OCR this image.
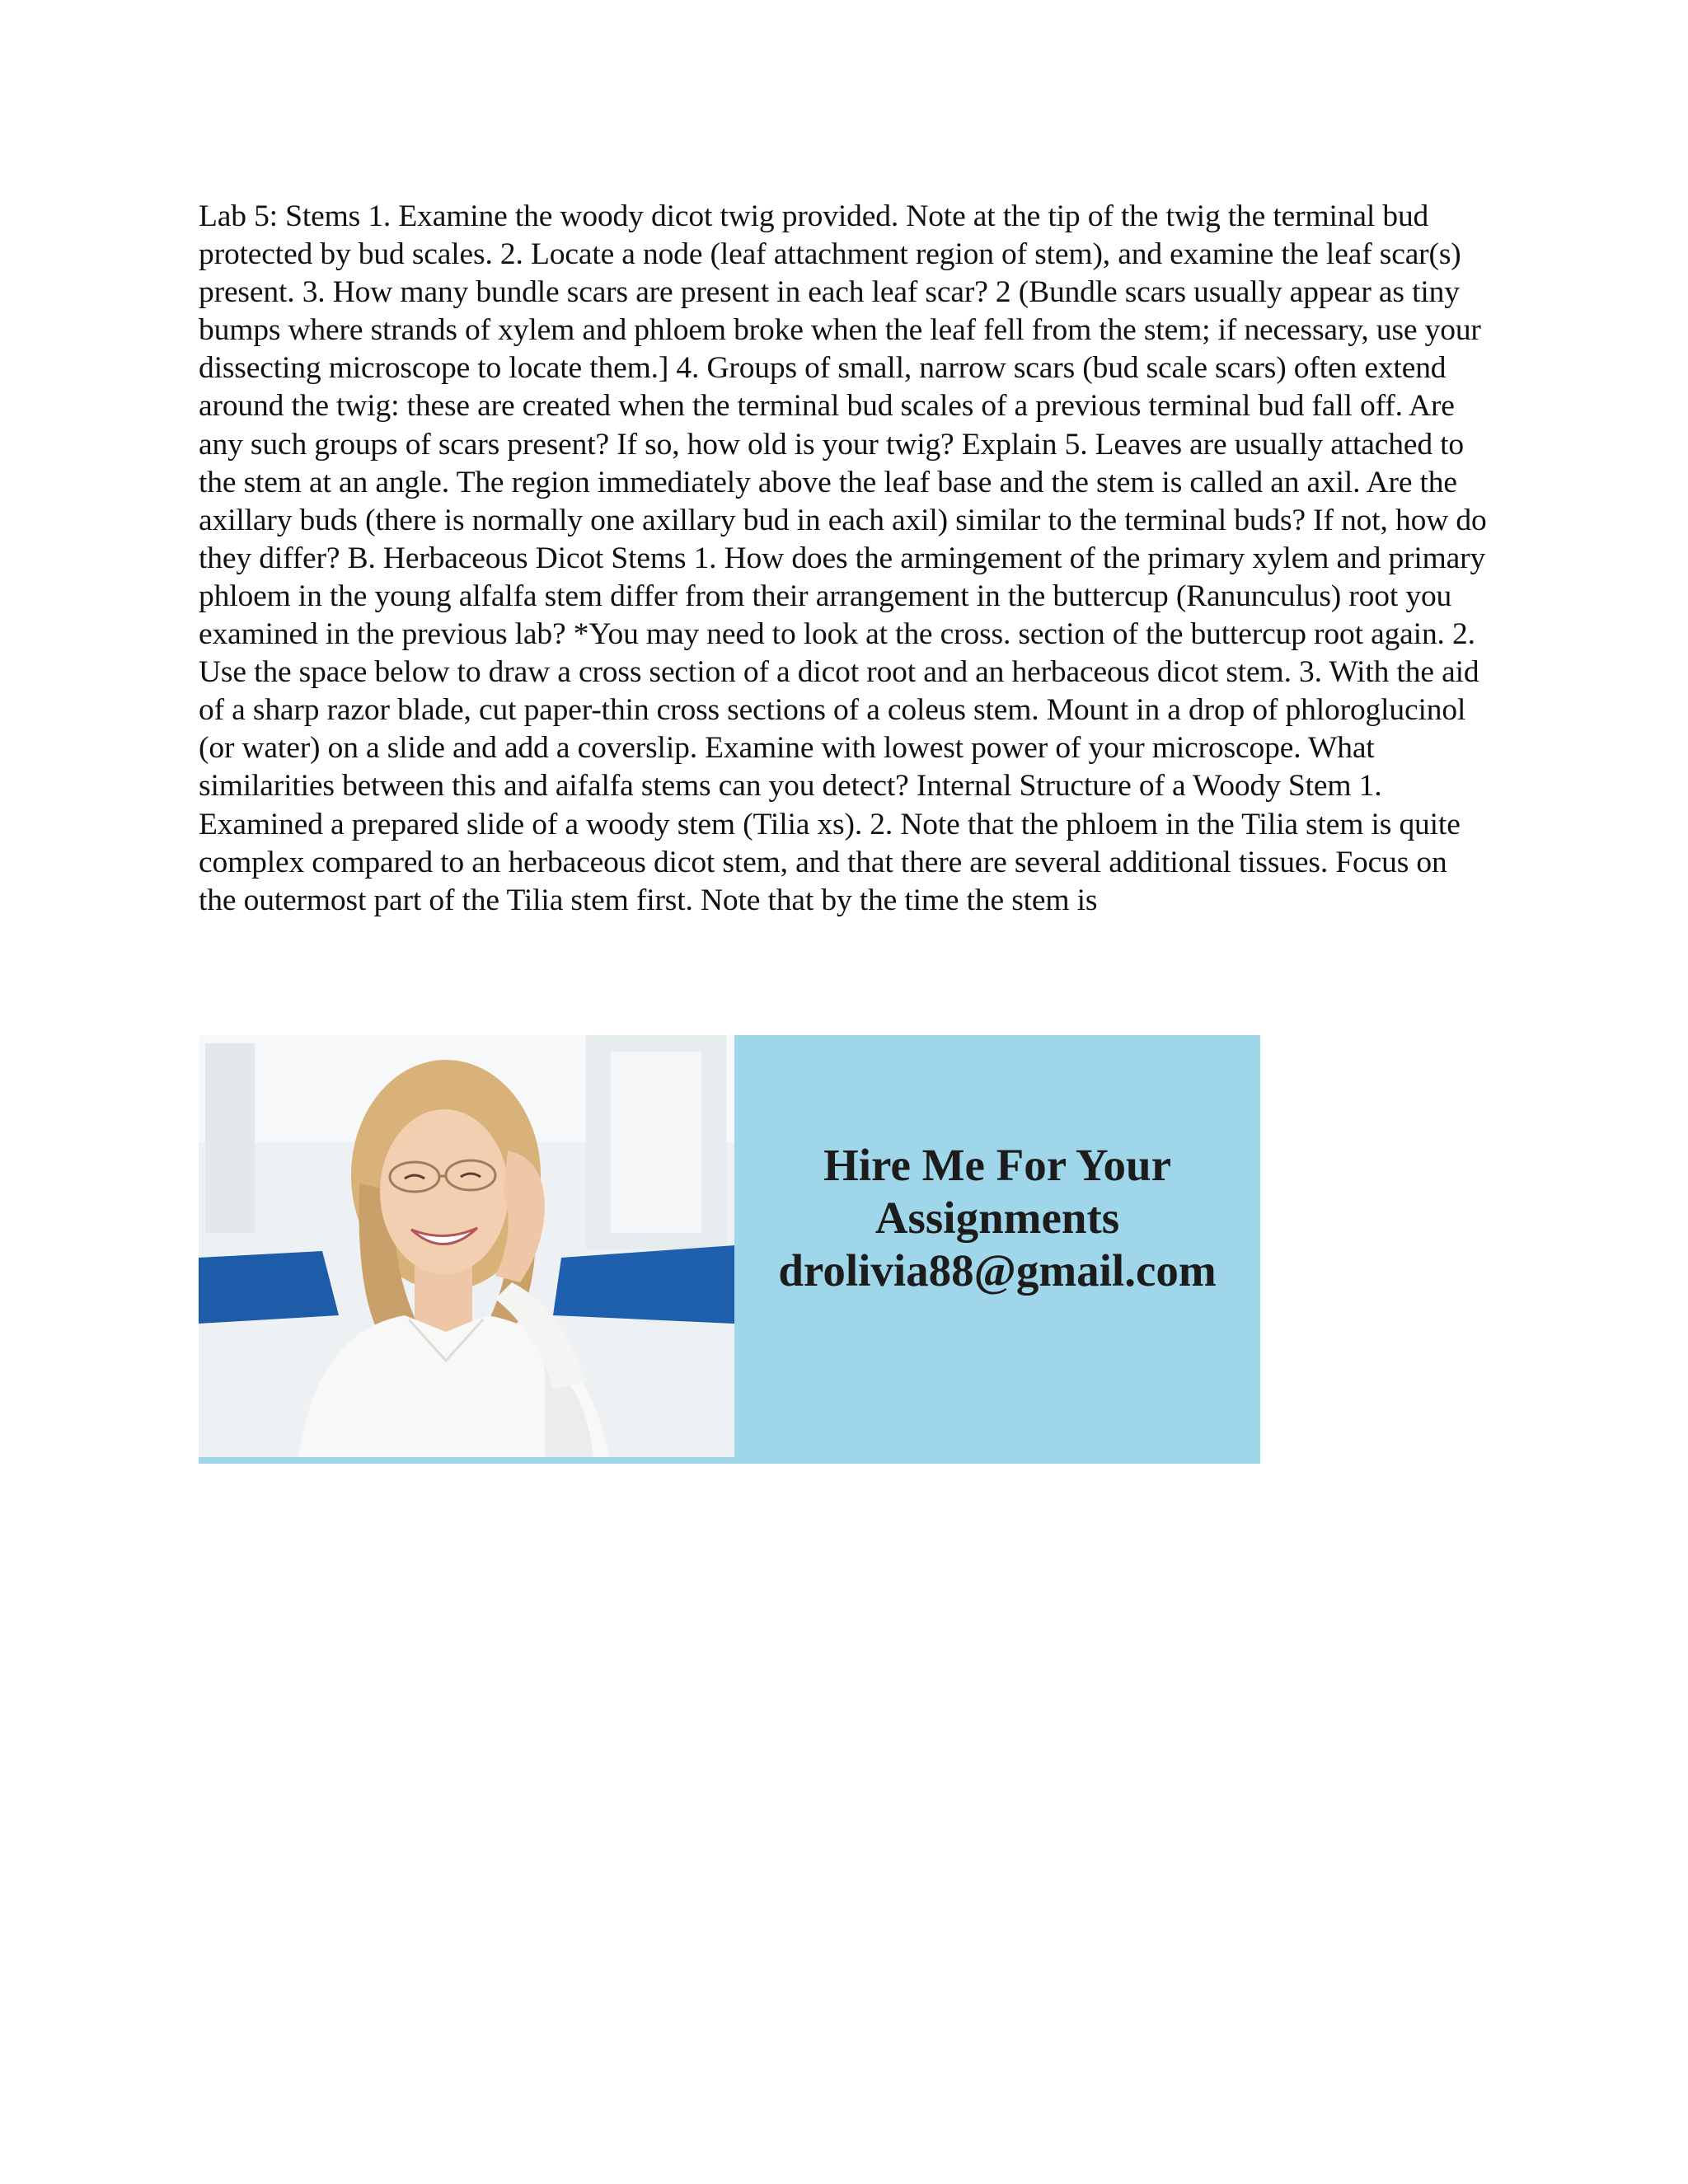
Lab 5: Stems 1. Examine the woody dicot twig provided. Note at the tip of the twig the terminal bud protected by bud scales. 2. Locate a node (leaf attachment region of stem), and examine the leaf scar(s) present. 3. How many bundle scars are present in each leaf scar? 2 (Bundle scars usually appear as tiny bumps where strands of xylem and phloem broke when the leaf fell from the stem; if necessary, use your dissecting microscope to locate them.] 4. Groups of small, narrow scars (bud scale scars) often extend around the twig: these are created when the terminal bud scales of a previous terminal bud fall off. Are any such groups of scars present? If so, how old is your twig? Explain 5. Leaves are usually attached to the stem at an angle. The region immediately above the leaf base and the stem is called an axil. Are the axillary buds (there is normally one axillary bud in each axil) similar to the terminal buds? If not, how do they differ? B. Herbaceous Dicot Stems 1. How does the armingement of the primary xylem and primary phloem in the young alfalfa stem differ from their arrangement in the buttercup (Ranunculus) root you examined in the previous lab? *You may need to look at the cross. section of the buttercup root again. 2. Use the space below to draw a cross section of a dicot root and an herbaceous dicot stem. 3. With the aid of a sharp razor blade, cut paper-thin cross sections of a coleus stem. Mount in a drop of phloroglucinol (or water) on a slide and add a coverslip. Examine with lowest power of your microscope. What similarities between this and aifalfa stems can you detect? Internal Structure of a Woody Stem 1. Examined a prepared slide of a woody stem (Tilia xs). 2. Note that the phloem in the Tilia stem is quite complex compared to an herbaceous dicot stem, and that there are several additional tissues. Focus on the outermost part of the Tilia stem first. Note that by the time the stem is

Hire Me For Your
Assignments
drolivia88@gmail.com
